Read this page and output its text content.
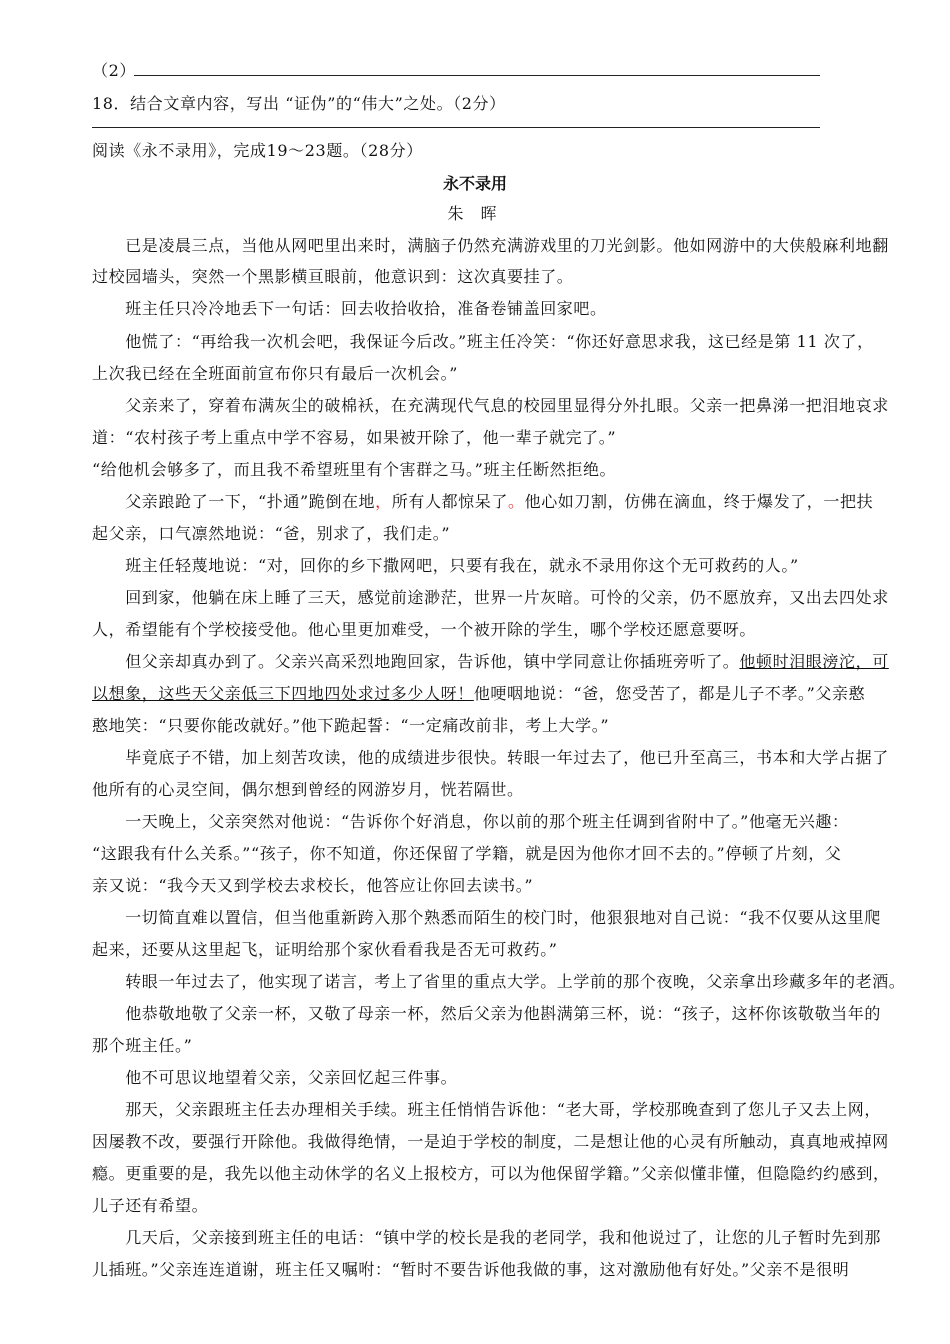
（2）
18．结合文章内容，写出 “证伪”的“伟大”之处。（2分）
阅读《永不录用》，完成19～23题。（28分）
永不录用
朱 晖
　　已是凌晨三点，当他从网吧里出来时，满脑子仍然充满游戏里的刀光剑影。他如网游中的大侠般麻利地翻
过校园墙头，突然一个黑影横亘眼前，他意识到：这次真要挂了。
　　班主任只冷冷地丢下一句话：回去收拾收拾，准备卷铺盖回家吧。
　　他慌了：“再给我一次机会吧，我保证今后改。”班主任冷笑：“你还好意思求我，这已经是第 11 次了，
上次我已经在全班面前宣布你只有最后一次机会。”
　　父亲来了，穿着布满灰尘的破棉袄，在充满现代气息的校园里显得分外扎眼。父亲一把鼻涕一把泪地哀求
道：“农村孩子考上重点中学不容易，如果被开除了，他一辈子就完了。”
“给他机会够多了，而且我不希望班里有个害群之马。”班主任断然拒绝。
　　父亲踉跄了一下，“扑通”跪倒在地，所有人都惊呆了。他心如刀割，仿佛在滴血，终于爆发了，一把扶
起父亲，口气凛然地说：“爸，别求了，我们走。”
　　班主任轻蔑地说：“对，回你的乡下撒网吧，只要有我在，就永不录用你这个无可救药的人。”
　　回到家，他躺在床上睡了三天，感觉前途渺茫，世界一片灰暗。可怜的父亲，仍不愿放弃，又出去四处求
人，希望能有个学校接受他。他心里更加难受，一个被开除的学生，哪个学校还愿意要呀。
　　但父亲却真办到了。父亲兴高采烈地跑回家，告诉他，镇中学同意让你插班旁听了。他顿时泪眼滂沱，可
以想象，这些天父亲低三下四地四处求过多少人呀！他哽咽地说：“爸，您受苦了，都是儿子不孝。”父亲憨
憨地笑：“只要你能改就好。”他下跪起誓：“一定痛改前非，考上大学。”
　　毕竟底子不错，加上刻苦攻读，他的成绩进步很快。转眼一年过去了，他已升至高三，书本和大学占据了
他所有的心灵空间，偶尔想到曾经的网游岁月，恍若隔世。
　　一天晚上，父亲突然对他说：“告诉你个好消息，你以前的那个班主任调到省附中了。”他毫无兴趣：
“这跟我有什么关系。”“孩子，你不知道，你还保留了学籍，就是因为他你才回不去的。”停顿了片刻，父
亲又说：“我今天又到学校去求校长，他答应让你回去读书。”
　　一切简直难以置信，但当他重新跨入那个熟悉而陌生的校门时，他狠狠地对自己说：“我不仅要从这里爬
起来，还要从这里起飞，证明给那个家伙看看我是否无可救药。”
　　转眼一年过去了，他实现了诺言，考上了省里的重点大学。上学前的那个夜晚，父亲拿出珍藏多年的老酒。
　　他恭敬地敬了父亲一杯，又敬了母亲一杯，然后父亲为他斟满第三杯，说：“孩子，这杯你该敬敬当年的
那个班主任。”
　　他不可思议地望着父亲，父亲回忆起三件事。
　　那天，父亲跟班主任去办理相关手续。班主任悄悄告诉他：“老大哥，学校那晚查到了您儿子又去上网，
因屡教不改，要强行开除他。我做得绝情，一是迫于学校的制度，二是想让他的心灵有所触动，真真地戒掉网
瘾。更重要的是，我先以他主动休学的名义上报校方，可以为他保留学籍。”父亲似懂非懂，但隐隐约约感到，
儿子还有希望。
　　几天后，父亲接到班主任的电话：“镇中学的校长是我的老同学，我和他说过了，让您的儿子暂时先到那
儿插班。”父亲连连道谢，班主任又嘱咐：“暂时不要告诉他我做的事，这对激励他有好处。”父亲不是很明
